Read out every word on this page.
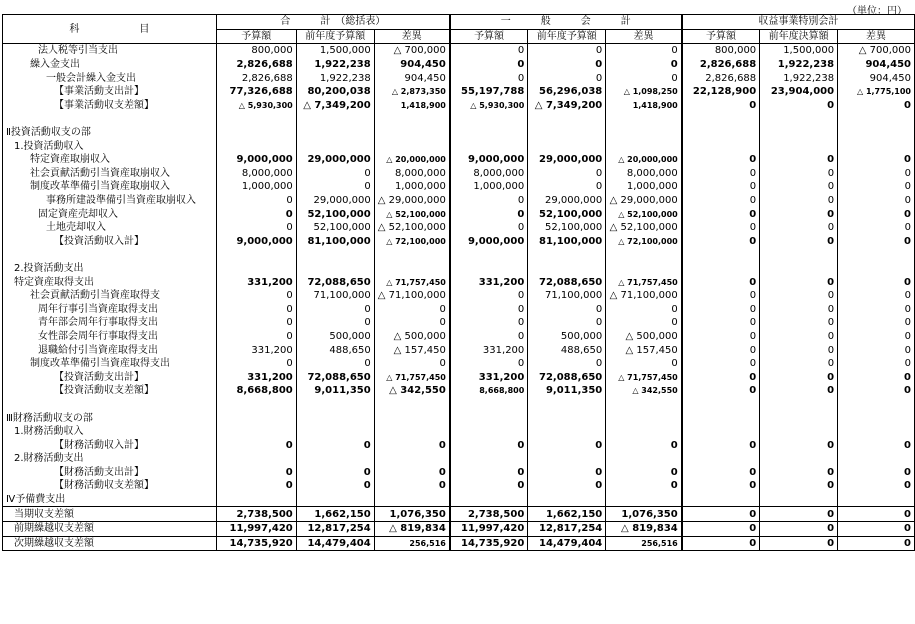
（単位：円）
科　　　　　　目	合　　　計　（総括表）			一　　　般　　　会　　　計			収益事業特別会計		
	予算額	前年度予算額	差異	予算額	前年度予算額	差異	予算額	前年度決算額	差異
法人税等引当支出	800,000	1,500,000	△ 700,000	0	0	0	800,000	1,500,000	△ 700,000
繰入金支出	2,826,688	1,922,238	904,450	0	0	0	2,826,688	1,922,238	904,450
一般会計繰入金支出	2,826,688	1,922,238	904,450	0	0	0	2,826,688	1,922,238	904,450
【事業活動支出計】	77,326,688	80,200,038	△ 2,873,350	55,197,788	56,296,038	△ 1,098,250	22,128,900	23,904,000	△ 1,775,100
【事業活動収支差額】	△ 5,930,300	△ 7,349,200	1,418,900	△ 5,930,300	△ 7,349,200	1,418,900	0	0	0

Ⅱ投資活動収支の部									
1.投資活動収入									
特定資産取崩収入	9,000,000	29,000,000	△ 20,000,000	9,000,000	29,000,000	△ 20,000,000	0	0	0
社会貢献活動引当資産取崩収入	8,000,000	0	8,000,000	8,000,000	0	8,000,000	0	0	0
制度改革準備引当資産取崩収入	1,000,000	0	1,000,000	1,000,000	0	1,000,000	0	0	0
事務所建設準備引当資産取崩収入	0	29,000,000	△ 29,000,000	0	29,000,000	△ 29,000,000	0	0	0
固定資産売却収入	0	52,100,000	△ 52,100,000	0	52,100,000	△ 52,100,000	0	0	0
土地売却収入	0	52,100,000	△ 52,100,000	0	52,100,000	△ 52,100,000	0	0	0
【投資活動収入計】	9,000,000	81,100,000	△ 72,100,000	9,000,000	81,100,000	△ 72,100,000	0	0	0

2.投資活動支出									
特定資産取得支出	331,200	72,088,650	△ 71,757,450	331,200	72,088,650	△ 71,757,450	0	0	0
社会貢献活動引当資産取得支	0	71,100,000	△ 71,100,000	0	71,100,000	△ 71,100,000	0	0	0
周年行事引当資産取得支出	0	0	0	0	0	0	0	0	0
青年部会周年行事取得支出	0	0	0	0	0	0	0	0	0
女性部会周年行事取得支出	0	500,000	△ 500,000	0	500,000	△ 500,000	0	0	0
退職給付引当資産取得支出	331,200	488,650	△ 157,450	331,200	488,650	△ 157,450	0	0	0
制度改革準備引当資産取得支出	0	0	0	0	0	0	0	0	0
【投資活動支出計】	331,200	72,088,650	△ 71,757,450	331,200	72,088,650	△ 71,757,450	0	0	0
【投資活動収支差額】	8,668,800	9,011,350	△ 342,550	8,668,800	9,011,350	△ 342,550	0	0	0

Ⅲ財務活動収支の部									
1.財務活動収入									
【財務活動収入計】	0	0	0	0	0	0	0	0	0
2.財務活動支出									
【財務活動支出計】	0	0	0	0	0	0	0	0	0
【財務活動収支差額】	0	0	0	0	0	0	0	0	0
Ⅳ予備費支出									
当期収支差額	2,738,500	1,662,150	1,076,350	2,738,500	1,662,150	1,076,350	0	0	0
前期繰越収支差額	11,997,420	12,817,254	△ 819,834	11,997,420	12,817,254	△ 819,834	0	0	0
次期繰越収支差額	14,735,920	14,479,404	256,516	14,735,920	14,479,404	256,516	0	0	0
